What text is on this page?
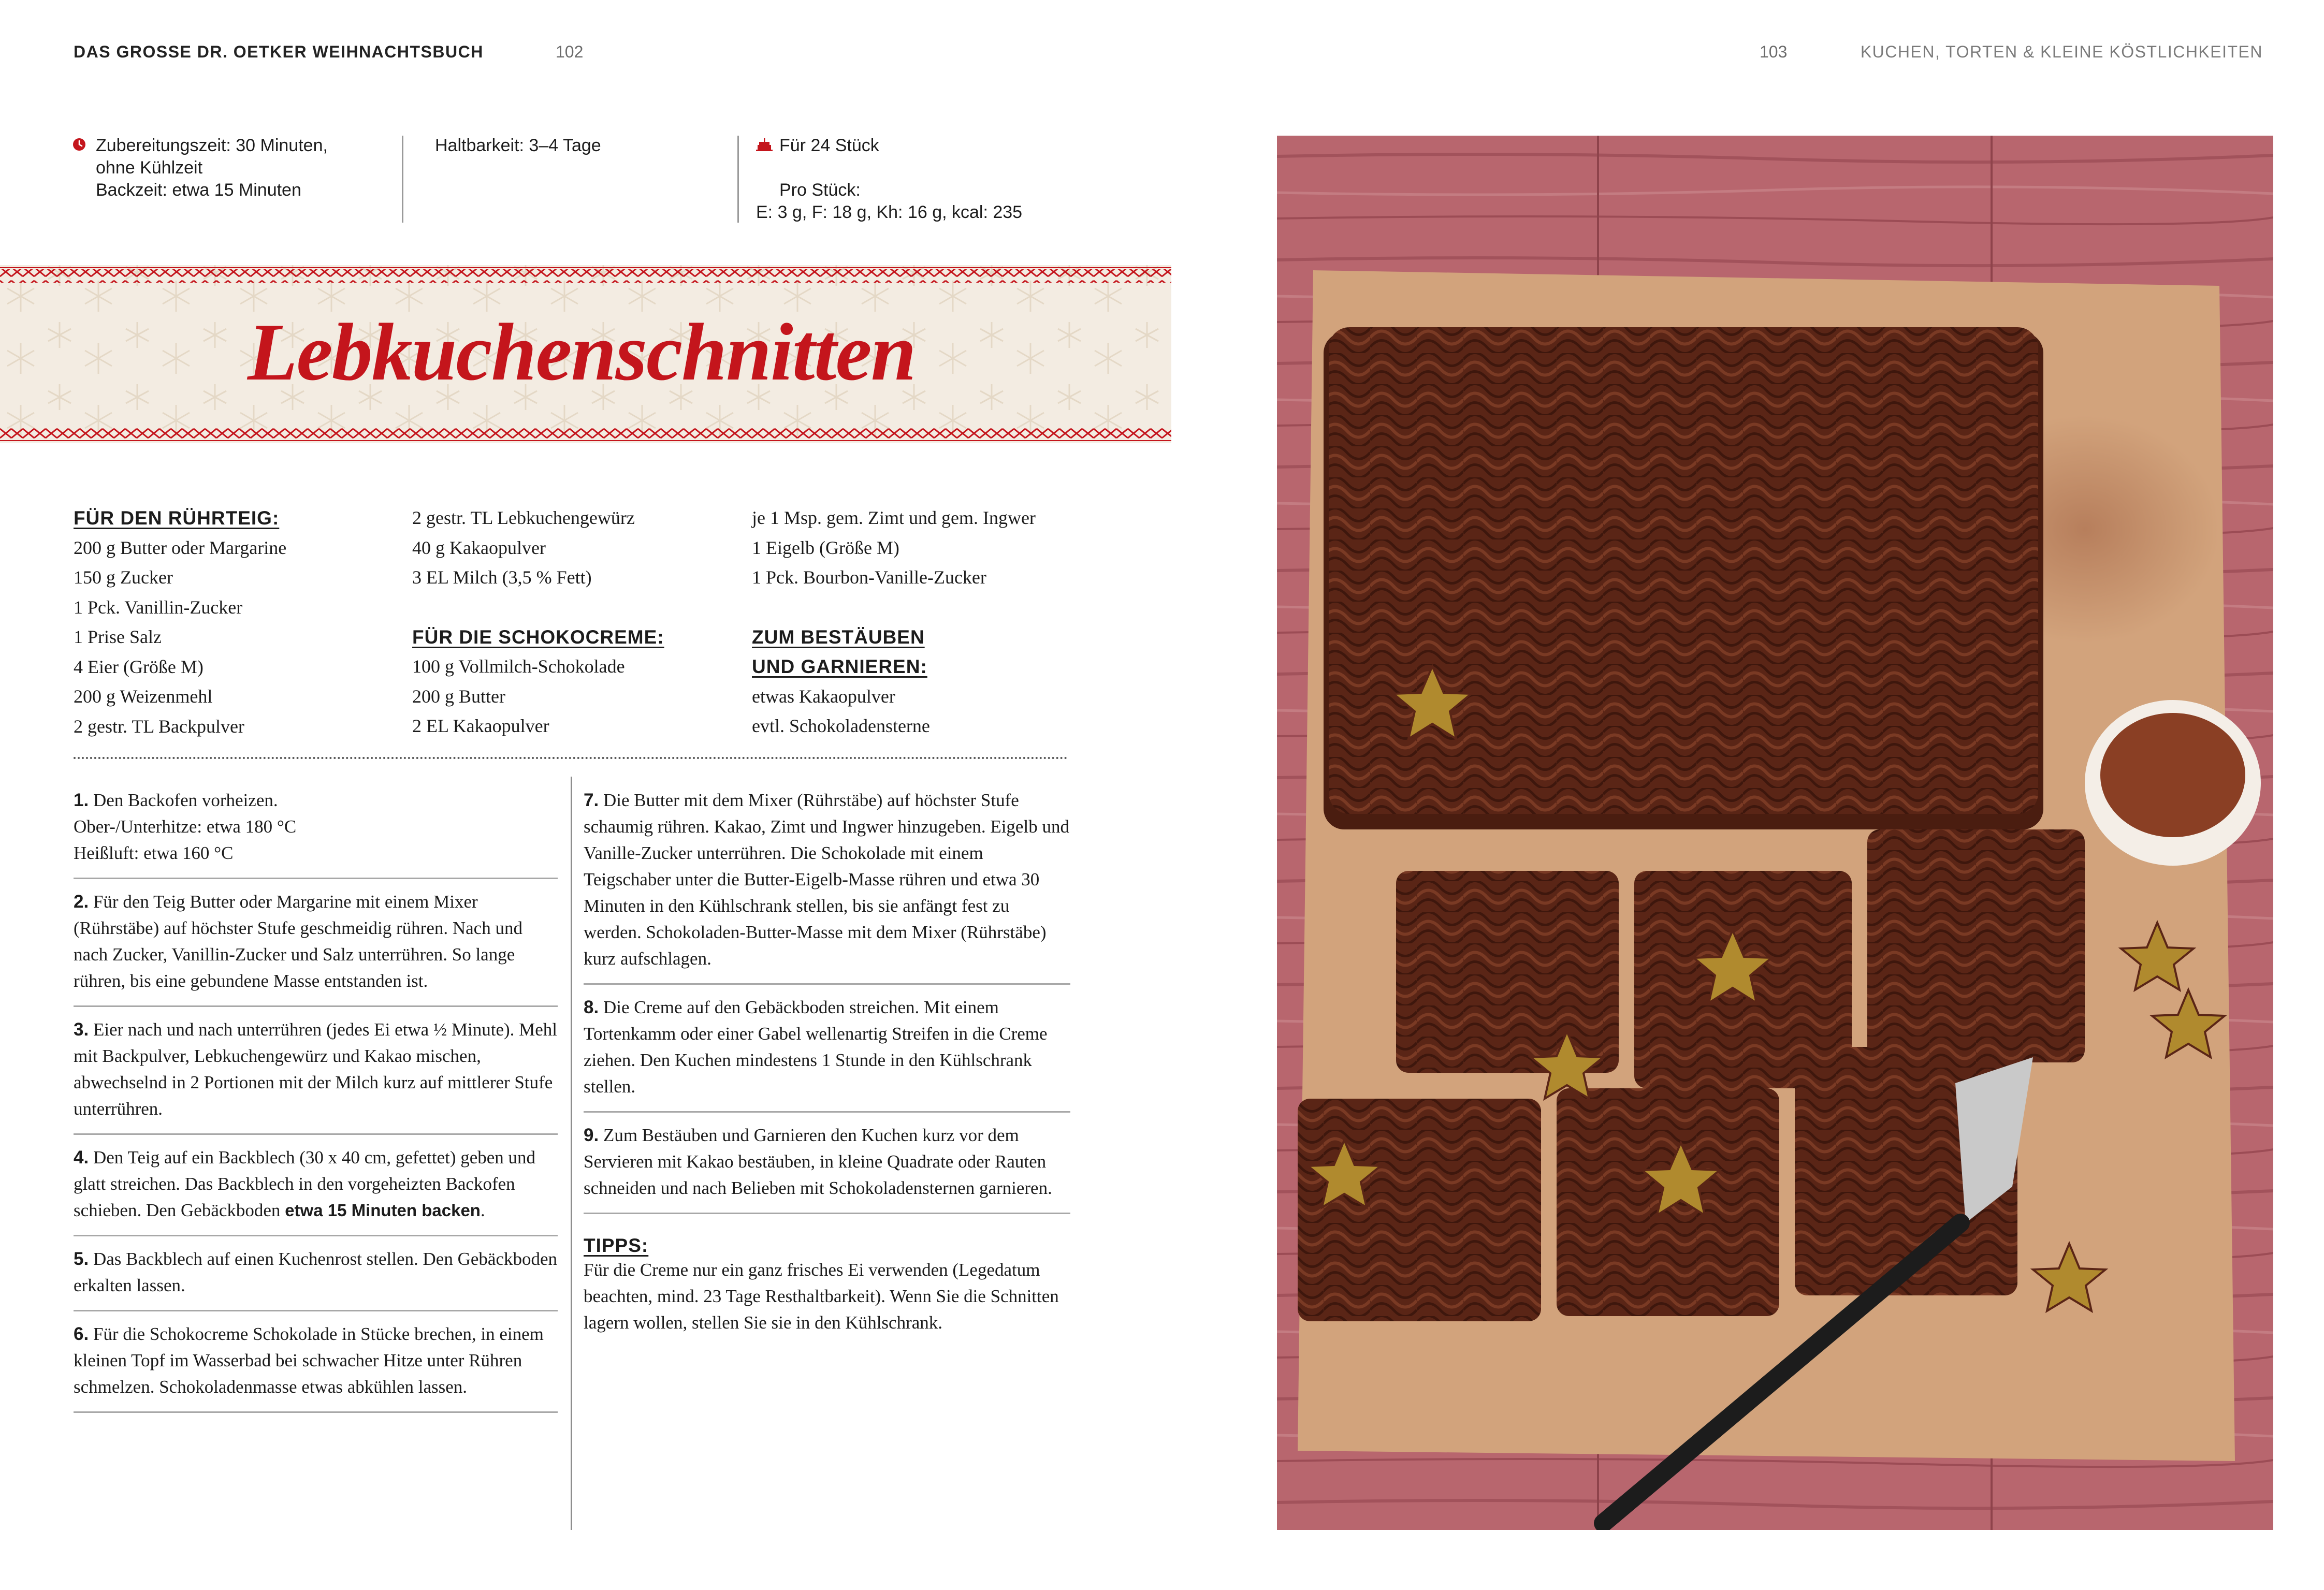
DAS GROSSE DR. OETKER WEIHNACHTSBUCH	102	103	KUCHEN, TORTEN & KLEINE KÖSTLICHKEITEN
Zubereitungszeit: 30 Minuten,
ohne Kühlzeit
Backzeit: etwa 15 Minuten
Haltbarkeit: 3–4 Tage	Für 24 Stück
Pro Stück:
E: 3 g, F: 18 g, Kh: 16 g, kcal: 235
Lebkuchenschnitten
FÜR DEN RÜHRTEIG:
200 g Butter oder Margarine
150 g Zucker
1 Pck. Vanillin-Zucker
1 Prise Salz
4 Eier (Größe M)
200 g Weizenmehl
2 gestr. TL Backpulver
2 gestr. TL Lebkuchengewürz
40 g Kakaopulver
3 EL Milch (3,5 % Fett)
FÜR DIE SCHOKOCREME:
100 g Vollmilch-Schokolade
200 g Butter
2 EL Kakaopulver
je 1 Msp. gem. Zimt und gem. Ingwer
1 Eigelb (Größe M)
1 Pck. Bourbon-Vanille-Zucker
ZUM BESTÄUBEN
UND GARNIEREN:
etwas Kakaopulver
evtl. Schokoladensterne
1. Den Backofen vorheizen.
Ober-/Unterhitze: etwa 180 °C
Heißluft: etwa 160 °C
2. Für den Teig Butter oder Margarine mit einem Mixer (Rührstäbe) auf höchster Stufe geschmeidig rühren. Nach und nach Zucker, Vanillin-Zucker und Salz unterrühren. So lange rühren, bis eine gebundene Masse entstanden ist.
3. Eier nach und nach unterrühren (jedes Ei etwa ½ Minute). Mehl mit Backpulver, Lebkuchengewürz und Kakao mischen, abwechselnd in 2 Portionen mit der Milch kurz auf mittlerer Stufe unterrühren.
4. Den Teig auf ein Backblech (30 x 40 cm, gefettet) geben und glatt streichen. Das Backblech in den vorgeheizten Backofen schieben. Den Gebäckboden etwa 15 Minuten backen.
5. Das Backblech auf einen Kuchenrost stellen. Den Gebäckboden erkalten lassen.
6. Für die Schokocreme Schokolade in Stücke brechen, in einem kleinen Topf im Wasserbad bei schwacher Hitze unter Rühren schmelzen. Schokoladenmasse etwas abkühlen lassen.
7. Die Butter mit dem Mixer (Rührstäbe) auf höchster Stufe schaumig rühren. Kakao, Zimt und Ingwer hinzugeben. Eigelb und Vanille-Zucker unterrühren. Die Schokolade mit einem Teigschaber unter die Butter-Eigelb-Masse rühren und etwa 30 Minuten in den Kühlschrank stellen, bis sie anfängt fest zu werden. Schokoladen-Butter-Masse mit dem Mixer (Rührstäbe) kurz aufschlagen.
8. Die Creme auf den Gebäckboden streichen. Mit einem Tortenkamm oder einer Gabel wellenartig Streifen in die Creme ziehen. Den Kuchen mindestens 1 Stunde in den Kühlschrank stellen.
9. Zum Bestäuben und Garnieren den Kuchen kurz vor dem Servieren mit Kakao bestäuben, in kleine Quadrate oder Rauten schneiden und nach Belieben mit Schokoladensternen garnieren.
TIPPS:
Für die Creme nur ein ganz frisches Ei verwenden (Legedatum beachten, mind. 23 Tage Resthaltbarkeit). Wenn Sie die Schnitten lagern wollen, stellen Sie sie in den Kühlschrank.
